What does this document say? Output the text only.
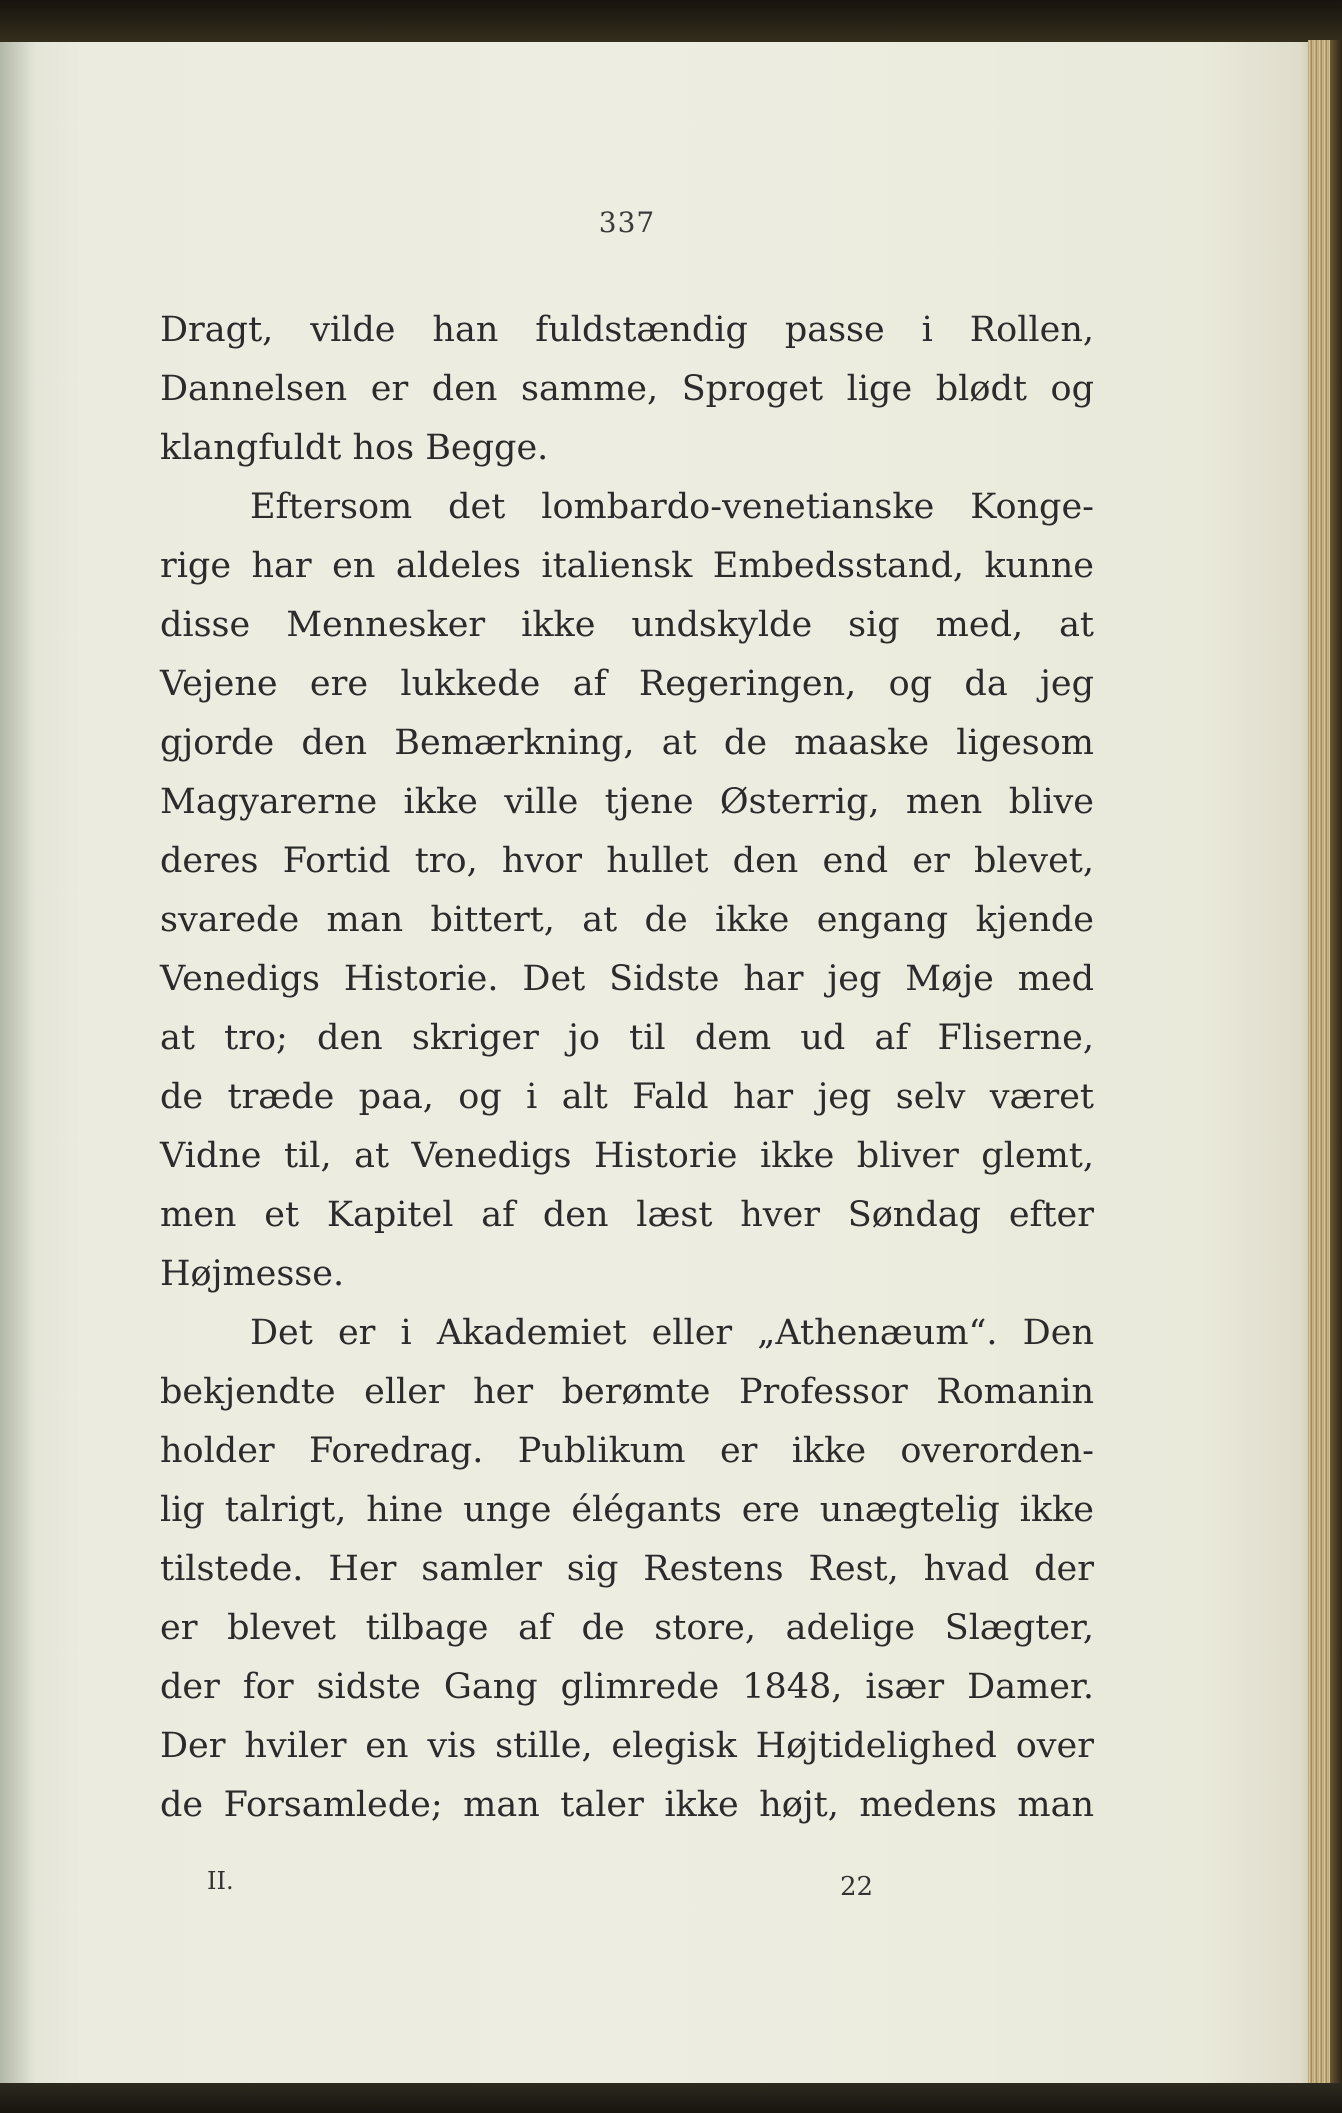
337
Dragt, vilde han fuldstændig passe i Rollen,
Dannelsen er den samme, Sproget lige blødt og
klangfuldt hos Begge.
Eftersom det lombardo-venetianske Konge-
rige har en aldeles italiensk Embedsstand, kunne
disse Mennesker ikke undskylde sig med, at
Vejene ere lukkede af Regeringen, og da jeg
gjorde den Bemærkning, at de maaske ligesom
Magyarerne ikke ville tjene Østerrig, men blive
deres Fortid tro, hvor hullet den end er blevet,
svarede man bittert, at de ikke engang kjende
Venedigs Historie. Det Sidste har jeg Møje med
at tro; den skriger jo til dem ud af Fliserne,
de træde paa, og i alt Fald har jeg selv været
Vidne til, at Venedigs Historie ikke bliver glemt,
men et Kapitel af den læst hver Søndag efter
Højmesse.
Det er i Akademiet eller „Athenæum“. Den
bekjendte eller her berømte Professor Romanin
holder Foredrag. Publikum er ikke overorden-
lig talrigt, hine unge élégants ere unægtelig ikke
tilstede. Her samler sig Restens Rest, hvad der
er blevet tilbage af de store, adelige Slægter,
der for sidste Gang glimrede 1848, især Damer.
Der hviler en vis stille, elegisk Højtidelighed over
de Forsamlede; man taler ikke højt, medens man
II.	22
